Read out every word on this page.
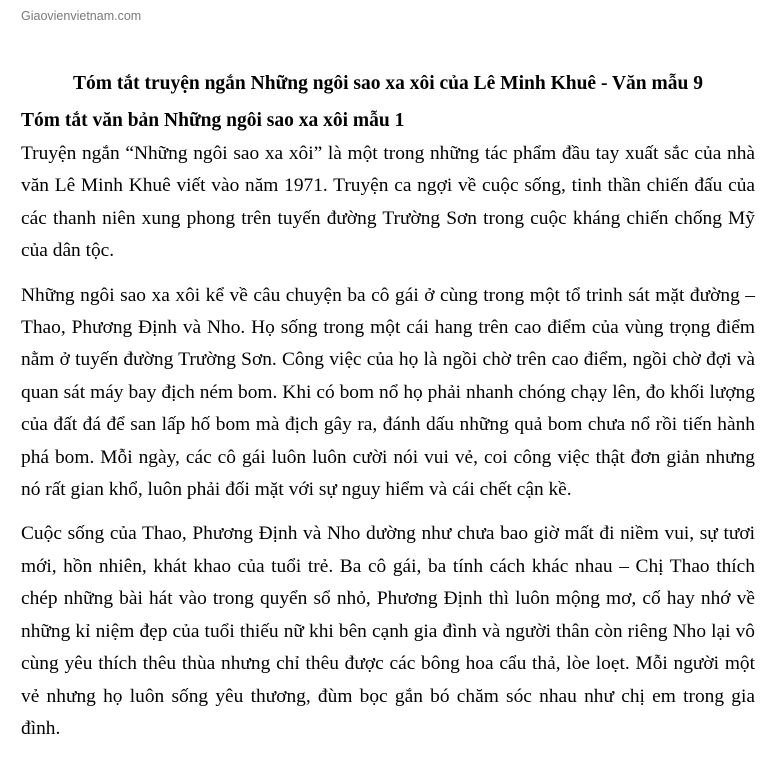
Giaovienvietnam.com
Tóm tắt truyện ngắn Những ngôi sao xa xôi của Lê Minh Khuê - Văn mẫu 9
Tóm tắt văn bản Những ngôi sao xa xôi mẫu 1

Truyện ngắn “Những ngôi sao xa xôi” là một trong những tác phẩm đầu tay xuất sắc của nhà văn Lê Minh Khuê viết vào năm 1971. Truyện ca ngợi về cuộc sống, tinh thần chiến đấu của các thanh niên xung phong trên tuyến đường Trường Sơn trong cuộc kháng chiến chống Mỹ của dân tộc.

Những ngôi sao xa xôi kể về câu chuyện ba cô gái ở cùng trong một tổ trinh sát mặt đường – Thao, Phương Định và Nho. Họ sống trong một cái hang trên cao điểm của vùng trọng điểm nằm ở tuyến đường Trường Sơn. Công việc của họ là ngồi chờ trên cao điểm, ngồi chờ đợi và quan sát máy bay địch ném bom. Khi có bom nổ họ phải nhanh chóng chạy lên, đo khối lượng của đất đá để san lấp hố bom mà địch gây ra, đánh dấu những quả bom chưa nổ rồi tiến hành phá bom. Mỗi ngày, các cô gái luôn luôn cười nói vui vẻ, coi công việc thật đơn giản nhưng nó rất gian khổ, luôn phải đối mặt với sự nguy hiểm và cái chết cận kề.

Cuộc sống của Thao, Phương Định và Nho dường như chưa bao giờ mất đi niềm vui, sự tươi mới, hồn nhiên, khát khao của tuổi trẻ. Ba cô gái, ba tính cách khác nhau – Chị Thao thích chép những bài hát vào trong quyển sổ nhỏ, Phương Định thì luôn mộng mơ, cố hay nhớ về những kỉ niệm đẹp của tuổi thiếu nữ khi bên cạnh gia đình và người thân còn riêng Nho lại vô cùng yêu thích thêu thùa nhưng chỉ thêu được các bông hoa cẩu thả, lòe loẹt. Mỗi người một vẻ nhưng họ luôn sống yêu thương, đùm bọc gắn bó chăm sóc nhau như chị em trong gia đình.
